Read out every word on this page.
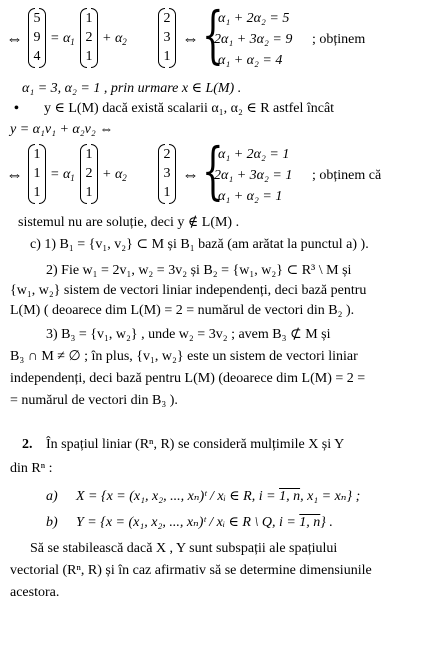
⇔
5
9
4
= $\alpha_1$
1
2
1
+ $\alpha_2$
2
3
1
⇔ {
α₁ + 2α₂ = 5
2α₁ + 3α₂ = 9
α₁ + α₂ = 4
; obținem
α₁ = 3, α₂ = 1 , prin urmare x ∈ L(M) .
• y ∈ L(M) dacă există scalarii α₁, α₂ ∈ R astfel încât
y = α₁v₁ + α₂v₂ ⇔
⇔
1
1
1
= $\alpha_1$
1
2
1
+ $\alpha_2$
2
3
1
⇔ {
α₁ + 2α₂ = 1
2α₁ + 3α₂ = 1
α₁ + α₂ = 1
; obținem că
sistemul nu are soluție, deci y ∉ L(M) .
c) 1) B₁ = {v₁, v₂} ⊂ M și B₁ bază (am arătat la punctul a) ).
2) Fie w₁ = 2v₁, w₂ = 3v₂ și B₂ = {w₁, w₂} ⊂ R³ \ M și
{w₁, w₂} sistem de vectori liniar independenți, deci bază pentru
L(M) ( deoarece dim L(M) = 2 = numărul de vectori din B₂ ).
3) B₃ = {v₁, w₂} , unde w₂ = 3v₂ ; avem B₃ ⊄ M și
B₃ ∩ M ≠ ∅ ; în plus, {v₁, w₂} este un sistem de vectori liniar
independenți, deci bază pentru L(M) (deoarece dim L(M) = 2 =
= numărul de vectori din B₃ ).
2. În spațiul liniar (Rⁿ, R) se consideră mulțimile X și Y
din Rⁿ :
a) X = {x = (x₁, x₂, ..., xₙ)ᵗ / xᵢ ∈ R, i = 1, n, x₁ = xₙ} ;
b) Y = {x = (x₁, x₂, ..., xₙ)ᵗ / xᵢ ∈ R \ Q, i = 1, n} .
Să se stabilească dacă X , Y sunt subspații ale spațiului
vectorial (Rⁿ, R) și în caz afirmativ să se determine dimensiunile
acestora.
